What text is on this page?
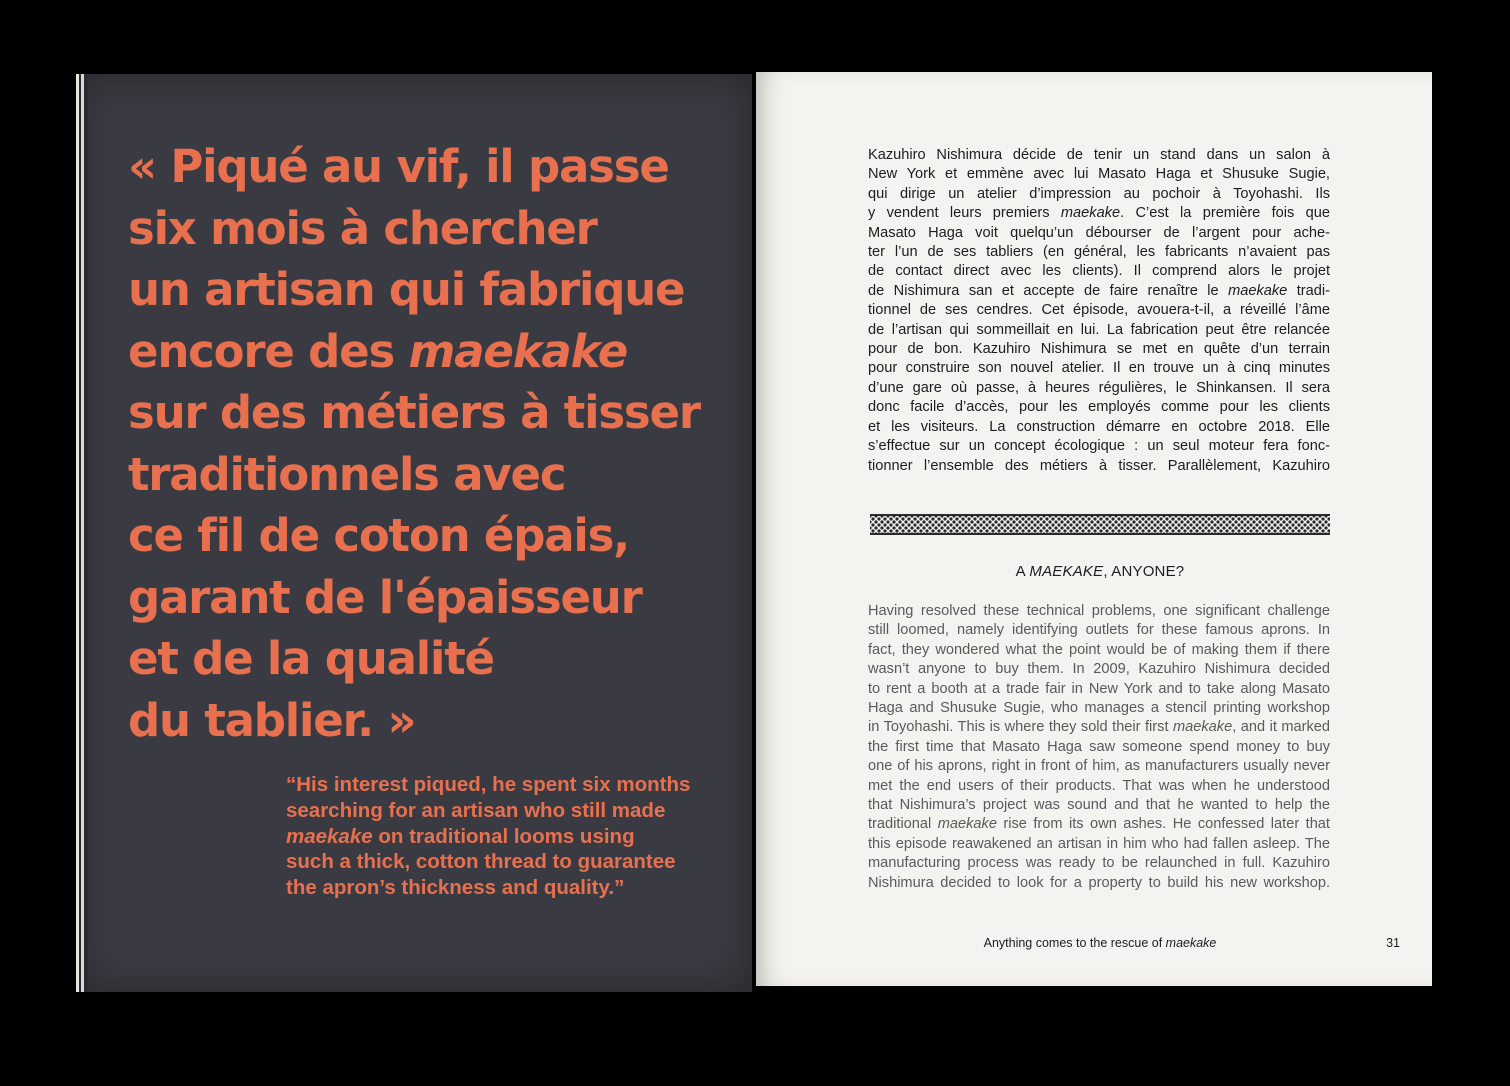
« Piqué au vif, il passe
six mois à chercher
un artisan qui fabrique
encore des maekake
sur des métiers à tisser
traditionnels avec
ce fil de coton épais,
garant de l'épaisseur
et de la qualité
du tablier. »
“His interest piqued, he spent six months
searching for an artisan who still made
maekake on traditional looms using
such a thick, cotton thread to guarantee
the apron’s thickness and quality.”
Kazuhiro Nishimura décide de tenir un stand dans un salon à
New York et emmène avec lui Masato Haga et Shusuke Sugie,
qui dirige un atelier d’impression au pochoir à Toyohashi. Ils
y vendent leurs premiers maekake. C’est la première fois que
Masato Haga voit quelqu’un débourser de l’argent pour ache-
ter l’un de ses tabliers (en général, les fabricants n’avaient pas
de contact direct avec les clients). Il comprend alors le projet
de Nishimura san et accepte de faire renaître le maekake tradi-
tionnel de ses cendres. Cet épisode, avouera-t-il, a réveillé l’âme
de l’artisan qui sommeillait en lui. La fabrication peut être relancée
pour de bon. Kazuhiro Nishimura se met en quête d’un terrain
pour construire son nouvel atelier. Il en trouve un à cinq minutes
d’une gare où passe, à heures régulières, le Shinkansen. Il sera
donc facile d’accès, pour les employés comme pour les clients
et les visiteurs. La construction démarre en octobre 2018. Elle
s’effectue sur un concept écologique : un seul moteur fera fonc-
tionner l’ensemble des métiers à tisser. Parallèlement, Kazuhiro

A MAEKAKE, ANYONE?

Having resolved these technical problems, one significant challenge
still loomed, namely identifying outlets for these famous aprons. In
fact, they wondered what the point would be of making them if there
wasn’t anyone to buy them. In 2009, Kazuhiro Nishimura decided
to rent a booth at a trade fair in New York and to take along Masato
Haga and Shusuke Sugie, who manages a stencil printing workshop
in Toyohashi. This is where they sold their first maekake, and it marked
the first time that Masato Haga saw someone spend money to buy
one of his aprons, right in front of him, as manufacturers usually never
met the end users of their products. That was when he understood
that Nishimura’s project was sound and that he wanted to help the
traditional maekake rise from its own ashes. He confessed later that
this episode reawakened an artisan in him who had fallen asleep. The
manufacturing process was ready to be relaunched in full. Kazuhiro
Nishimura decided to look for a property to build his new workshop.

Anything comes to the rescue of maekake	31
